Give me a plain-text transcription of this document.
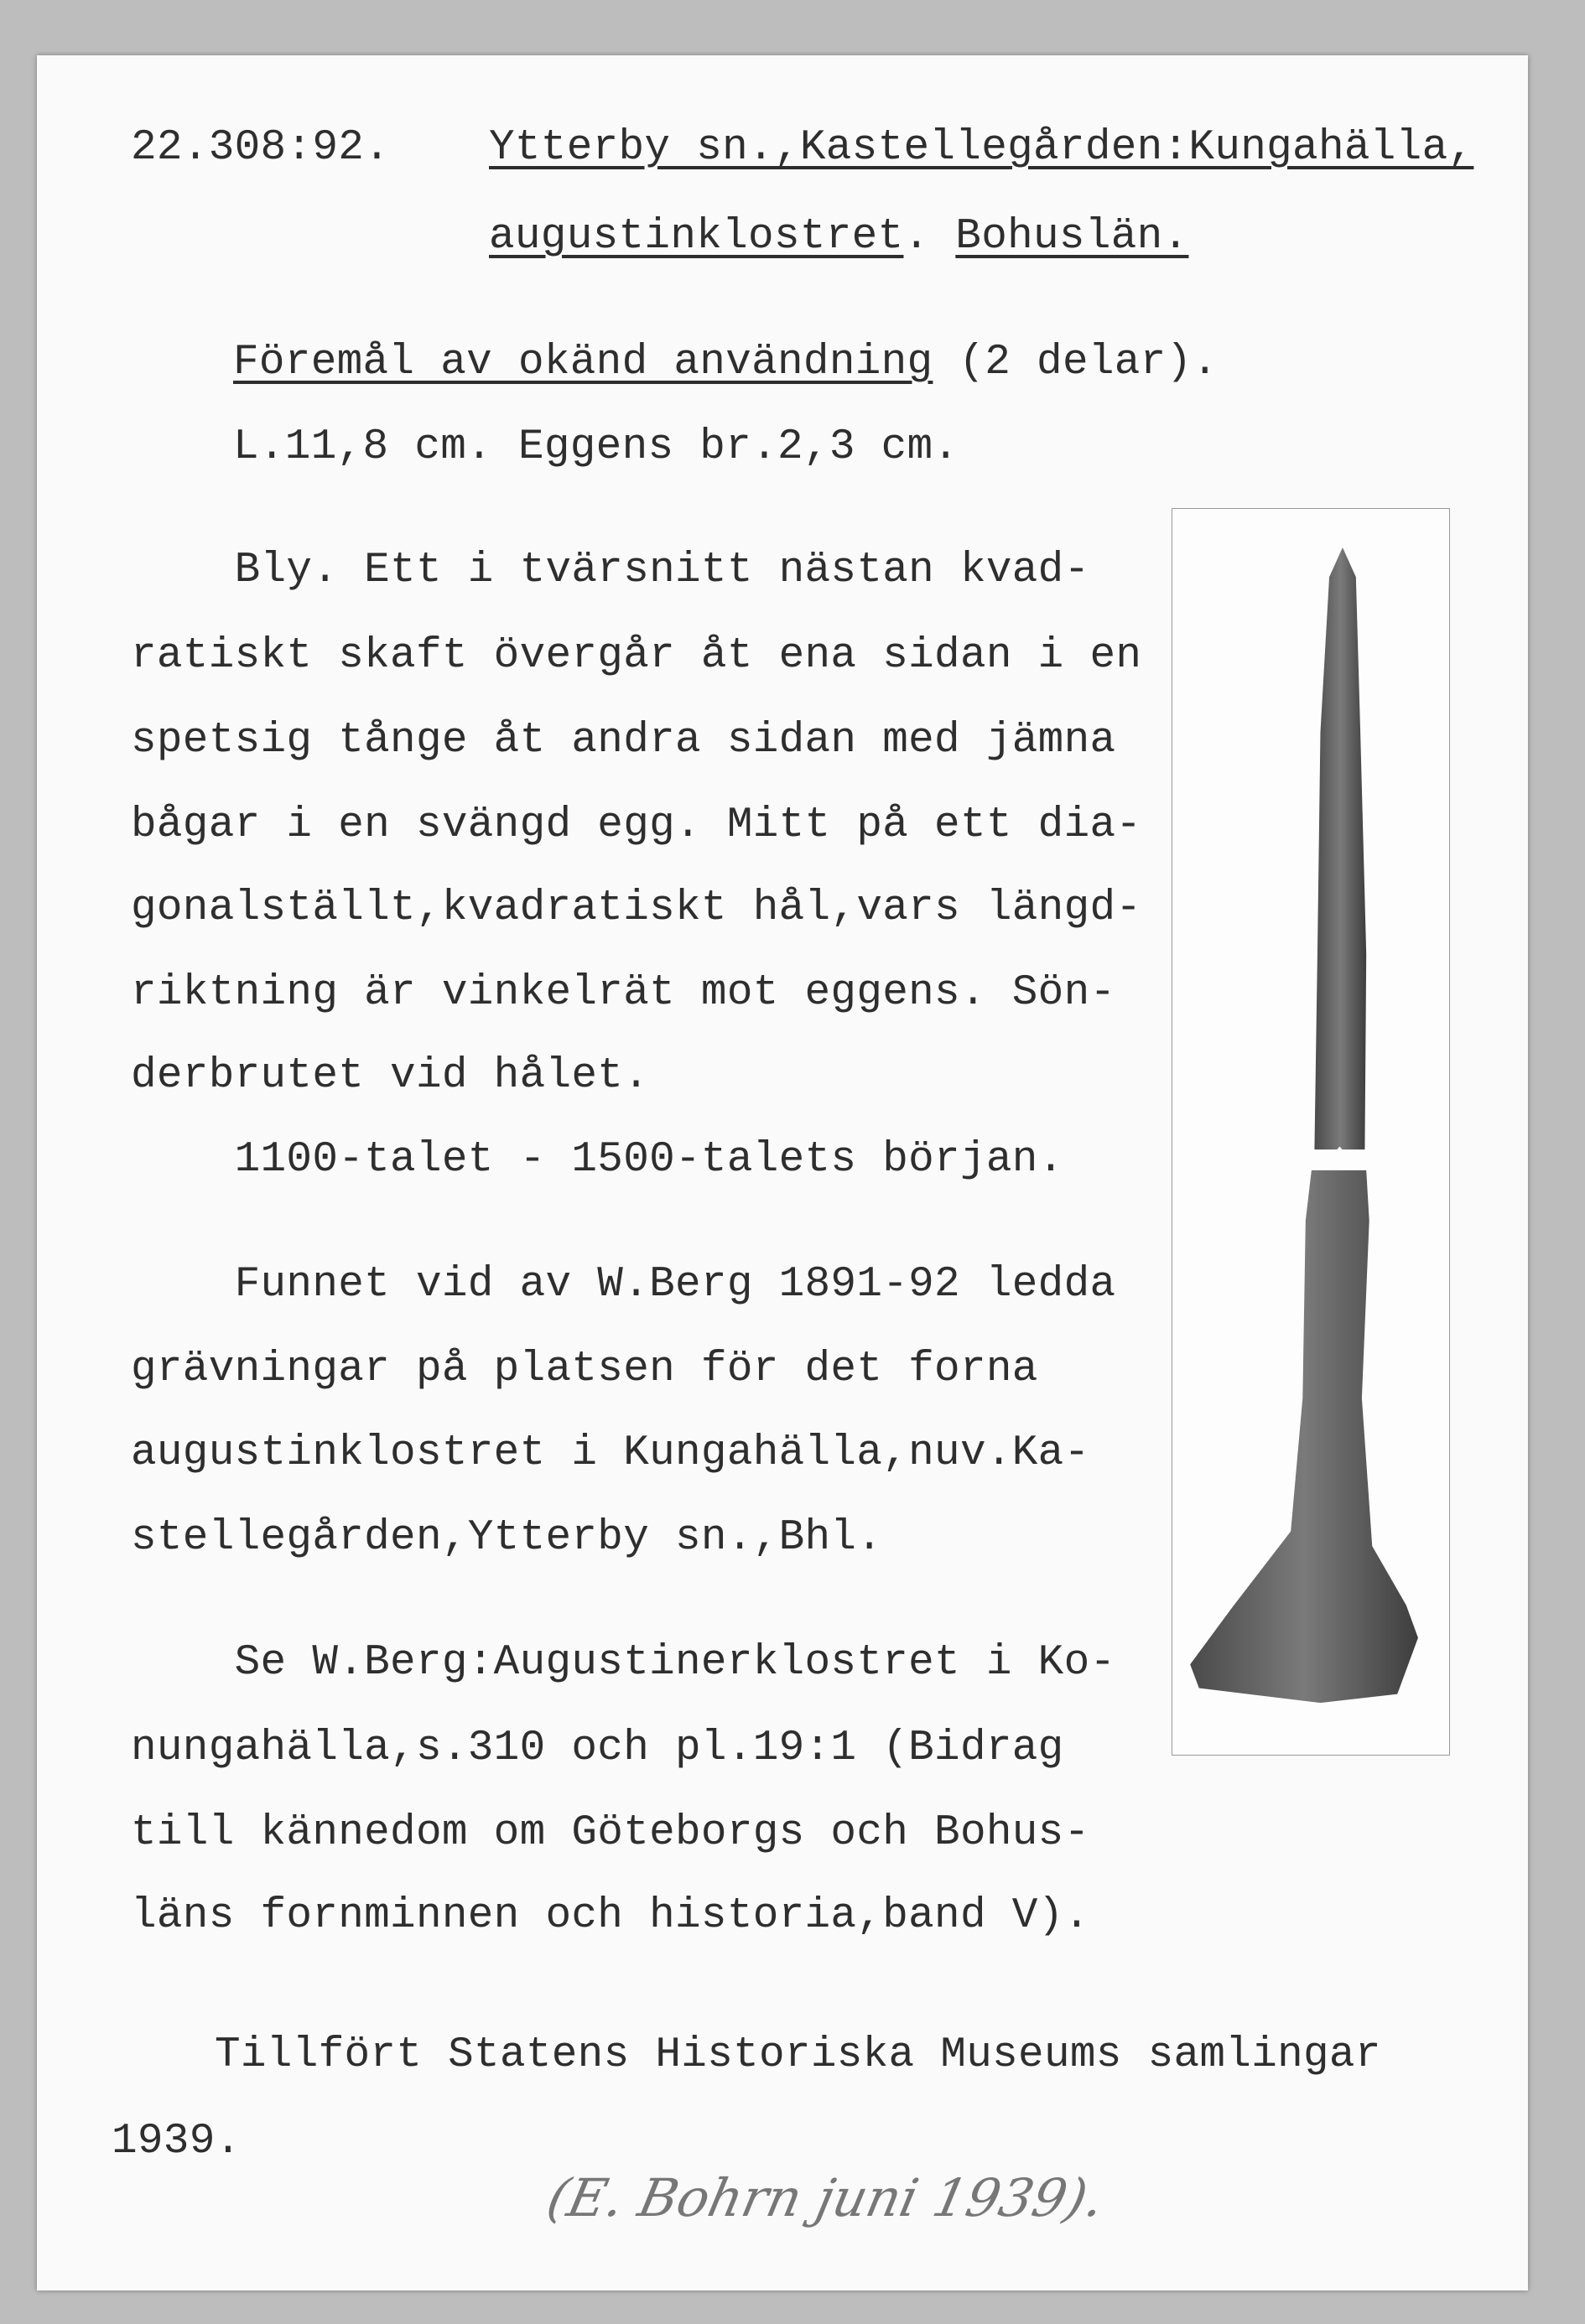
22.308:92. Ytterby sn.,Kastellegården:Kungahälla,
augustinklostret. Bohuslän.
Föremål av okänd användning (2 delar).
L.11,8 cm. Eggens br.2,3 cm.
Bly. Ett i tvärsnitt nästan kvad-
ratiskt skaft övergår åt ena sidan i en
spetsig tånge åt andra sidan med jämna
bågar i en svängd egg. Mitt på ett dia-
gonalställt,kvadratiskt hål,vars längd-
riktning är vinkelrät mot eggens. Sön-
derbrutet vid hålet.
1100-talet - 1500-talets början.
Funnet vid av W.Berg 1891-92 ledda
grävningar på platsen för det forna
augustinklostret i Kungahälla,nuv.Ka-
stellegården,Ytterby sn.,Bhl.
Se W.Berg:Augustinerklostret i Ko-
nungahälla,s.310 och pl.19:1 (Bidrag
till kännedom om Göteborgs och Bohus-
läns fornminnen och historia,band V).
Tillfört Statens Historiska Museums samlingar
1939.
(E. Bohrn juni 1939).
